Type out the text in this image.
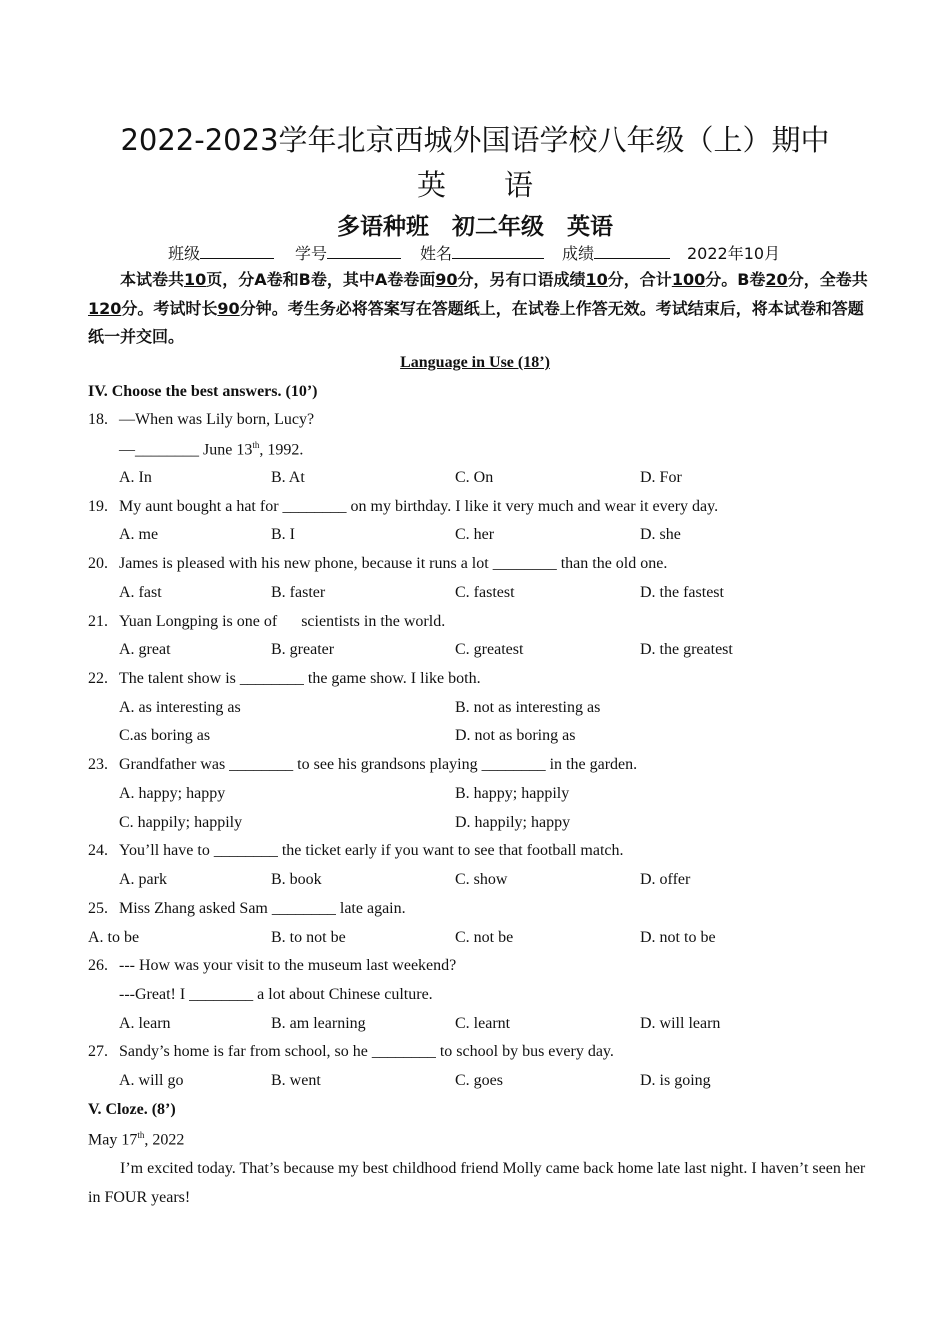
2022-2023学年北京西城外国语学校八年级（上）期中
英　　语
多语种班　初二年级　英语
班级	学号	姓名	成绩	2022年10月
本试卷共10页，分A卷和B卷，其中A卷卷面90分，另有口语成绩10分，合计100分。B卷20分，全卷共120分。考试时长90分钟。考生务必将答案写在答题纸上，在试卷上作答无效。考试结束后，将本试卷和答题纸一并交回。
Language in Use (18’)
IV. Choose the best answers. (10’)
18. —When was Lily born, Lucy?
—________ June 13th, 1992.
A. In	B. At	C. On	D. For
19. My aunt bought a hat for ________ on my birthday. I like it very much and wear it every day.
A. me	B. I	C. her	D. she
20. James is pleased with his new phone, because it runs a lot ________ than the old one.
A. fast	B. faster	C. fastest	D. the fastest
21. Yuan Longping is one of      scientists in the world.
A. great	B. greater	C. greatest	D. the greatest
22. The talent show is ________ the game show. I like both.
A. as interesting as	B. not as interesting as
C.as boring as	D. not as boring as
23. Grandfather was ________ to see his grandsons playing ________ in the garden.
A. happy; happy	B. happy; happily
C. happily; happily	D. happily; happy
24. You’ll have to ________ the ticket early if you want to see that football match.
A. park	B. book	C. show	D. offer
25. Miss Zhang asked Sam ________ late again.
A. to be	B. to not be	C. not be	D. not to be
26. --- How was your visit to the museum last weekend?
---Great! I ________ a lot about Chinese culture.
A. learn	B. am learning	C. learnt	D. will learn
27. Sandy’s home is far from school, so he ________ to school by bus every day.
A. will go	B. went	C. goes	D. is going
V. Cloze. (8’)
May 17th, 2022
I’m excited today. That’s because my best childhood friend Molly came back home late last night. I haven’t seen her in FOUR years!
